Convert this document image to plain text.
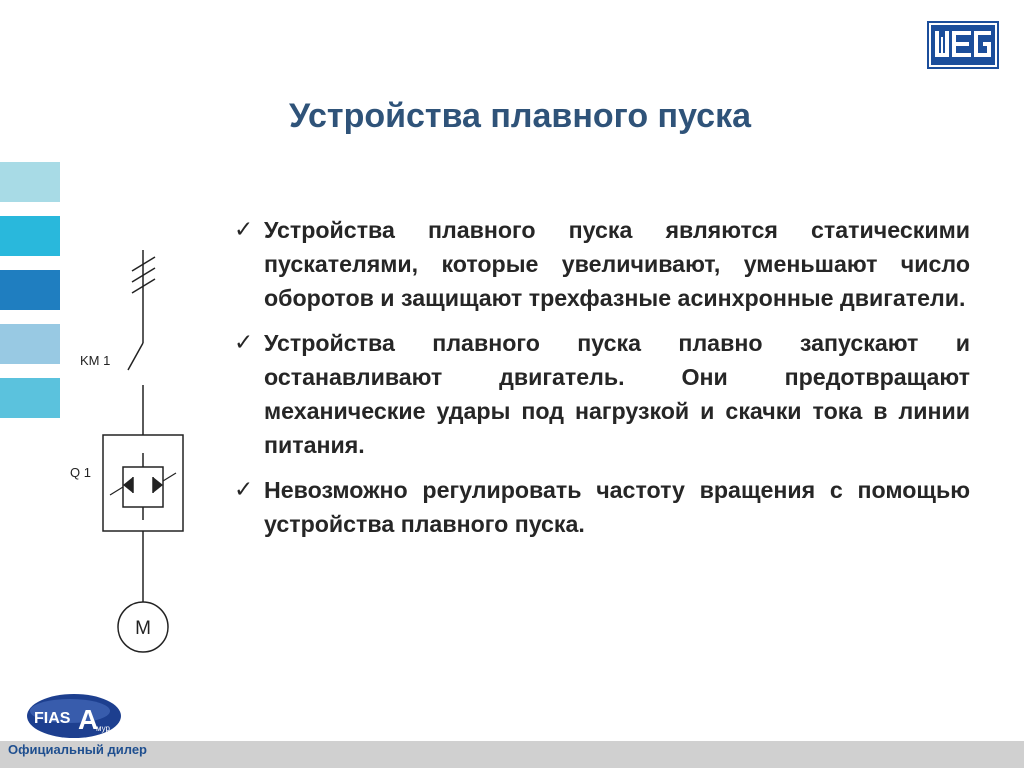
Устройства плавного пуска
KM 1
Q 1
M
✓ Устройства плавного пуска являются статическими пускателями, которые увеличивают, уменьшают число оборотов и защищают трехфазные асинхронные двигатели.
✓ Устройства плавного пуска плавно запускают и останавливают двигатель. Они предотвращают механические удары под нагрузкой и скачки тока в линии питания.
✓ Невозможно регулировать частоту вращения с помощью устройства плавного пуска.
FIAS A
мур
Официальный дилер
